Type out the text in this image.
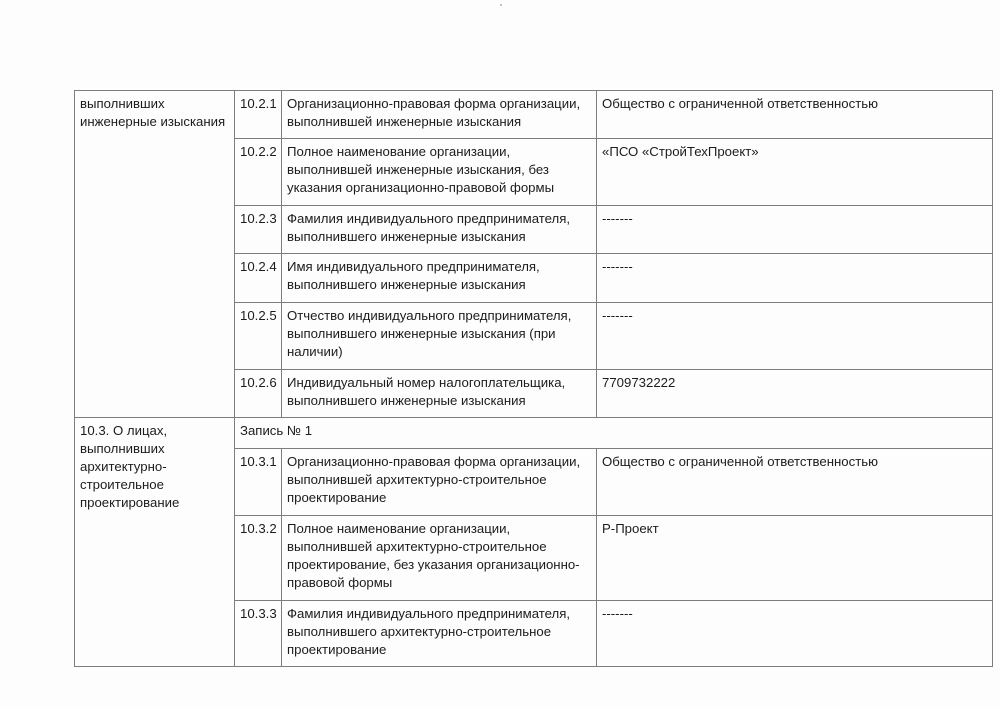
выполнивших инженерные изыскания	10.2.1	Организационно-правовая форма организации, выполнившей инженерные изыскания	Общество с ограниченной ответственностью
	10.2.2	Полное наименование организации, выполнившей инженерные изыскания, без указания организационно-правовой формы	«ПСО «СтройТехПроект»
	10.2.3	Фамилия индивидуального предпринимателя, выполнившего инженерные изыскания	-------
	10.2.4	Имя индивидуального предпринимателя, выполнившего инженерные изыскания	-------
	10.2.5	Отчество индивидуального предпринимателя, выполнившего инженерные изыскания (при наличии)	-------
	10.2.6	Индивидуальный номер налогоплательщика, выполнившего инженерные изыскания	7709732222
10.3. О лицах, выполнивших архитектурно-строительное проектирование	Запись № 1		
	10.3.1	Организационно-правовая форма организации, выполнившей архитектурно-строительное проектирование	Общество с ограниченной ответственностью
	10.3.2	Полное наименование организации, выполнившей архитектурно-строительное проектирование, без указания организационно-правовой формы	Р-Проект
	10.3.3	Фамилия индивидуального предпринимателя, выполнившего архитектурно-строительное проектирование	-------
